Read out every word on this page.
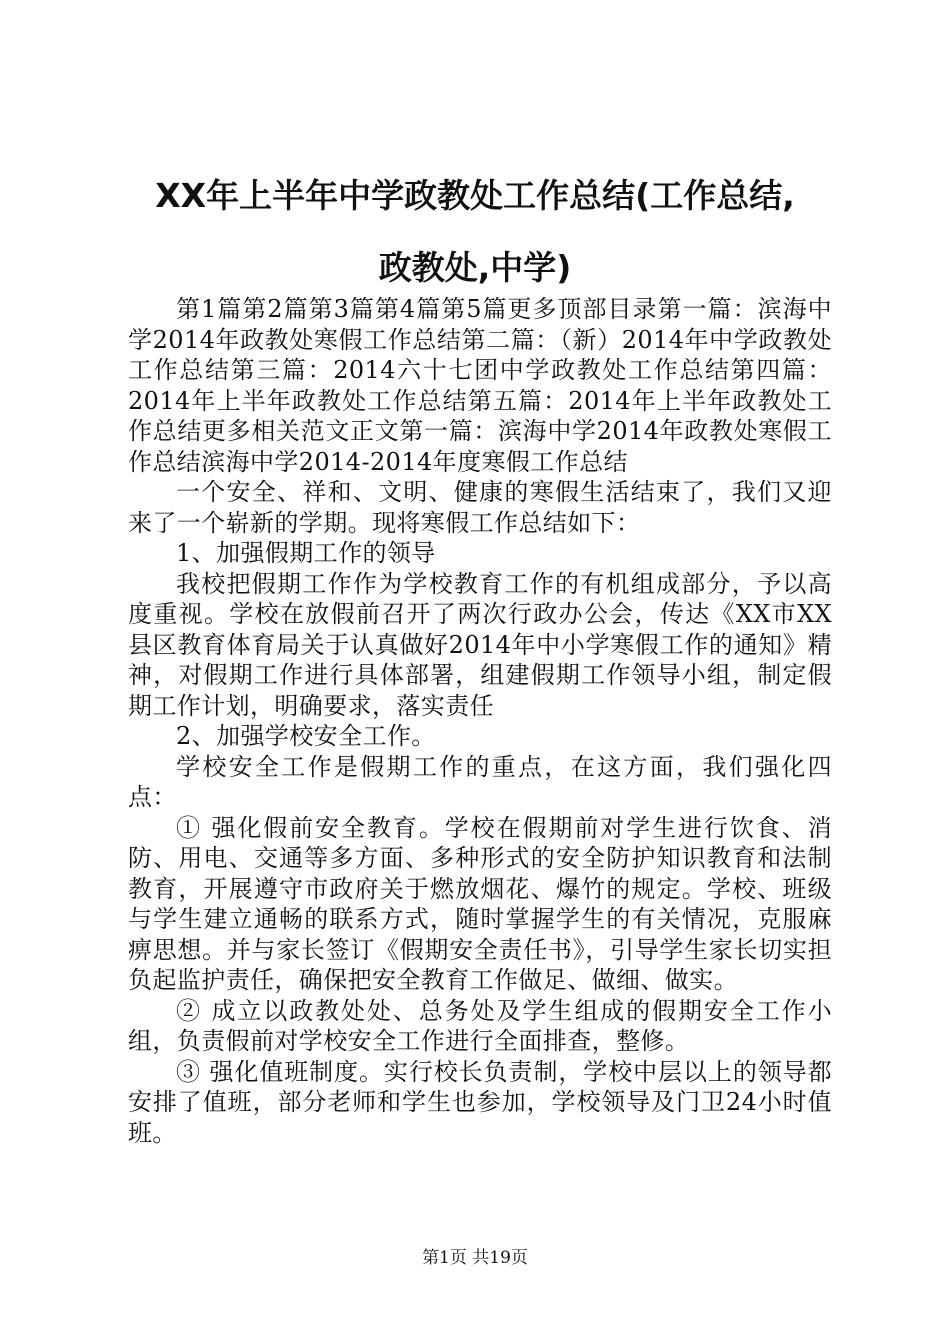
XX年上半年中学政教处工作总结(工作总结,
政教处,中学)

第1篇第2篇第3篇第4篇第5篇更多顶部目录第一篇：滨海中学2014年政教处寒假工作总结第二篇：（新）2014年中学政教处工作总结第三篇：2014六十七团中学政教处工作总结第四篇：2014年上半年政教处工作总结第五篇：2014年上半年政教处工作总结更多相关范文正文第一篇：滨海中学2014年政教处寒假工作总结滨海中学2014-2014年度寒假工作总结

一个安全、祥和、文明、健康的寒假生活结束了，我们又迎来了一个崭新的学期。现将寒假工作总结如下：

1、加强假期工作的领导

我校把假期工作作为学校教育工作的有机组成部分，予以高度重视。学校在放假前召开了两次行政办公会，传达《XX市XX县区教育体育局关于认真做好2014年中小学寒假工作的通知》精神，对假期工作进行具体部署，组建假期工作领导小组，制定假期工作计划，明确要求，落实责任

2、加强学校安全工作。

学校安全工作是假期工作的重点，在这方面，我们强化四点：

① 强化假前安全教育。学校在假期前对学生进行饮食、消防、用电、交通等多方面、多种形式的安全防护知识教育和法制教育，开展遵守市政府关于燃放烟花、爆竹的规定。学校、班级与学生建立通畅的联系方式，随时掌握学生的有关情况，克服麻痹思想。并与家长签订《假期安全责任书》，引导学生家长切实担负起监护责任，确保把安全教育工作做足、做细、做实。

② 成立以政教处处、总务处及学生组成的假期安全工作小组，负责假前对学校安全工作进行全面排查，整修。

③ 强化值班制度。实行校长负责制，学校中层以上的领导都安排了值班，部分老师和学生也参加，学校领导及门卫24小时值班。

第1页 共19页
